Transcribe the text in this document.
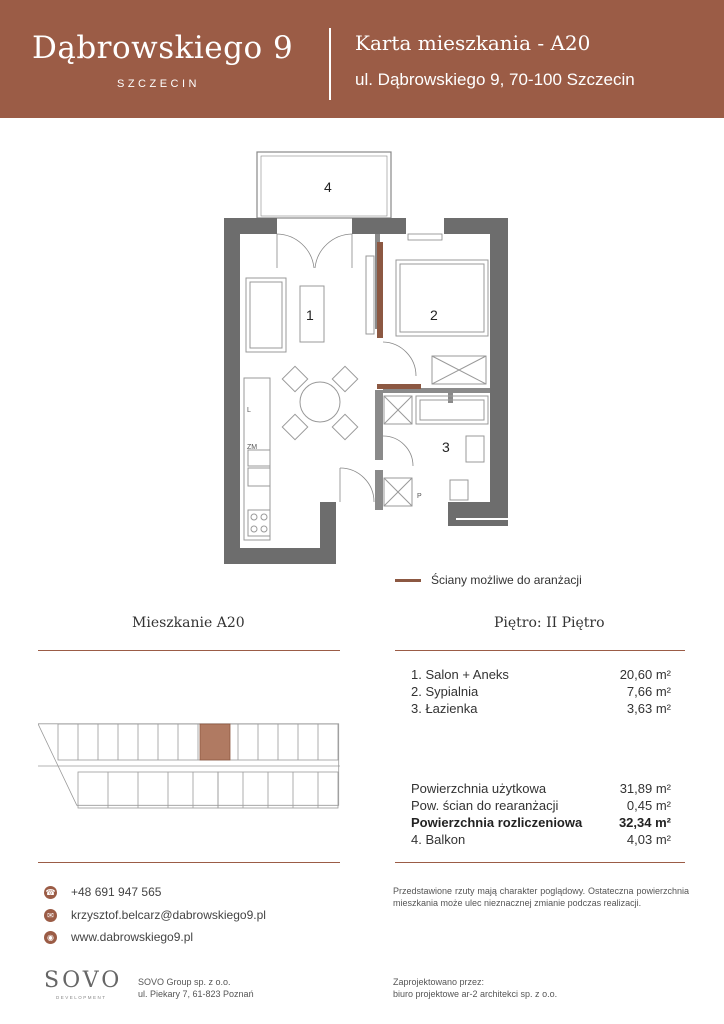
Dąbrowskiego 9
SZCZECIN
Karta mieszkania - A20
ul. Dąbrowskiego 9, 70-100 Szczecin
4
1	2
3
L
ZM
P
Ściany możliwe do aranżacji
Mieszkanie A20	Piętro: II Piętro
1. Salon + Aneks	20,60 m²
2. Sypialnia	7,66 m²
3. Łazienka	3,63 m²
Powierzchnia użytkowa	31,89 m²
Pow. ścian do rearanżacji	0,45 m²
Powierzchnia rozliczeniowa	32,34 m²
4. Balkon	4,03 m²
☎ +48 691 947 565
✉ krzysztof.belcarz@dabrowskiego9.pl
◉ www.dabrowskiego9.pl
Przedstawione rzuty mają charakter poglądowy. Ostateczna powierzchnia mieszkania może ulec nieznacznej zmianie podczas realizacji.
SOVO
DEVELOPMENT
SOVO Group sp. z o.o.
ul. Piekary 7, 61-823 Poznań
Zaprojektowano przez:
biuro projektowe ar-2 architekci sp. z o.o.
